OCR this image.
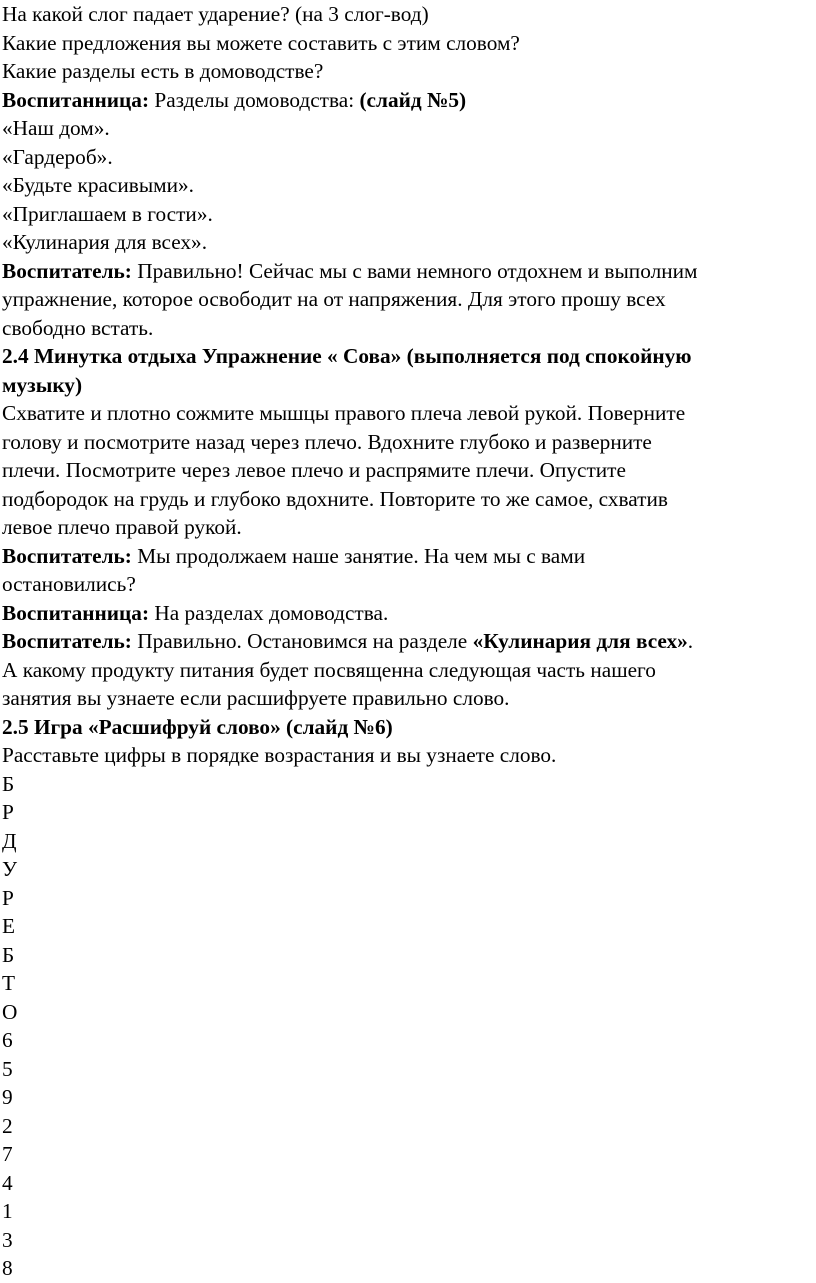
На какой слог падает ударение? (на 3 слог-вод)

Какие предложения вы можете составить с этим словом?

Какие разделы есть в домоводстве?

Воспитанница: Разделы домоводства: (слайд №5)

«Наш дом».

«Гардероб».

«Будьте красивыми».

«Приглашаем в гости».

«Кулинария для всех».

Воспитатель: Правильно! Сейчас мы с вами немного отдохнем и выполним

упражнение, которое освободит на от напряжения. Для этого прошу всех

свободно встать.

2.4 Минутка отдыха Упражнение « Сова» (выполняется под спокойную

музыку)

Схватите и плотно сожмите мышцы правого плеча левой рукой. Поверните

голову и посмотрите назад через плечо. Вдохните глубоко и разверните

плечи. Посмотрите через левое плечо и распрямите плечи. Опустите

подбородок на грудь и глубоко вдохните. Повторите то же самое, схватив

левое плечо правой рукой.

Воспитатель: Мы продолжаем наше занятие. На чем мы с вами

остановились?

Воспитанница: На разделах домоводства.

Воспитатель: Правильно. Остановимся на разделе «Кулинария для всех».

А какому продукту питания будет посвященна следующая часть нашего

занятия вы узнаете если расшифруете правильно слово.

2.5 Игра «Расшифруй слово» (слайд №6)

Расставьте цифры в порядке возрастания и вы узнаете слово.

Б

Р

Д

У

Р

Е

Б

Т

О

6

5

9

2

7

4

1

3

8
